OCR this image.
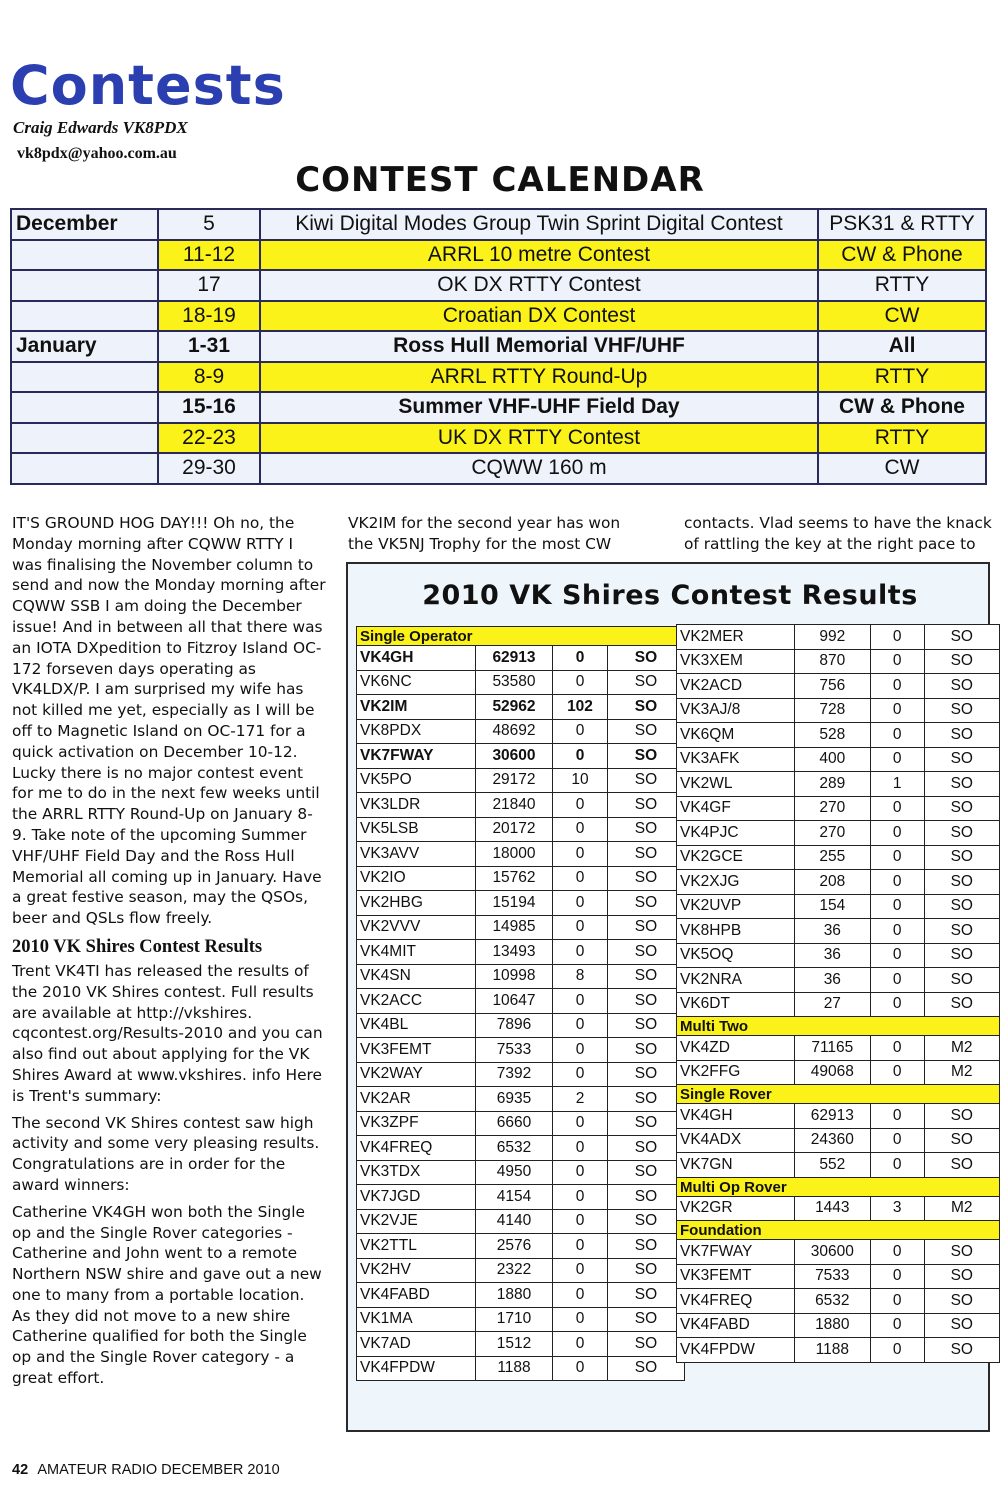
Contests
Craig Edwards VK8PDX
vk8pdx@yahoo.com.au
CONTEST CALENDAR
December	5	Kiwi Digital Modes Group Twin Sprint Digital Contest	PSK31 & RTTY
	11-12	ARRL 10 metre Contest	CW & Phone
	17	OK DX RTTY Contest	RTTY
	18-19	Croatian DX Contest	CW
January	1-31	Ross Hull Memorial VHF/UHF	All
	8-9	ARRL RTTY Round-Up	RTTY
	15-16	Summer VHF-UHF Field Day	CW & Phone
	22-23	UK DX RTTY Contest	RTTY
	29-30	CQWW 160 m	CW

IT'S GROUND HOG DAY!!! Oh no, the Monday morning after CQWW RTTY I was finalising the November column to send and now the Monday morning after CQWW SSB I am doing the December issue! And in between all that there was an IOTA DXpedition to Fitzroy Island OC-172 forseven days operating as VK4LDX/P. I am surprised my wife has not killed me yet, especially as I will be off to Magnetic Island on OC-171 for a quick activation on December 10-12. Lucky there is no major contest event for me to do in the next few weeks until the ARRL RTTY Round-Up on January 8-9. Take note of the upcoming Summer VHF/UHF Field Day and the Ross Hull Memorial all coming up in January. Have a great festive season, may the QSOs, beer and QSLs flow freely.

2010 VK Shires Contest Results

Trent VK4TI has released the results of the 2010 VK Shires contest. Full results are available at http://vkshires. cqcontest.org/Results-2010 and you can also find out about applying for the VK Shires Award at www.vkshires. info Here is Trent's summary:

The second VK Shires contest saw high activity and some very pleasing results. Congratulations are in order for the award winners:

Catherine VK4GH won both the Single op and the Single Rover categories - Catherine and John went to a remote Northern NSW shire and gave out a new one to many from a portable location. As they did not move to a new shire Catherine qualified for both the Single op and the Single Rover category - a great effort.

VK2IM for the second year has won the VK5NJ Trophy for the most CW

contacts. Vlad seems to have the knack of rattling the key at the right pace to

2010 VK Shires Contest Results
Single Operator			
VK4GH	62913	0	SO
VK6NC	53580	0	SO
VK2IM	52962	102	SO
VK8PDX	48692	0	SO
VK7FWAY	30600	0	SO
VK5PO	29172	10	SO
VK3LDR	21840	0	SO
VK5LSB	20172	0	SO
VK3AVV	18000	0	SO
VK2IO	15762	0	SO
VK2HBG	15194	0	SO
VK2VVV	14985	0	SO
VK4MIT	13493	0	SO
VK4SN	10998	8	SO
VK2ACC	10647	0	SO
VK4BL	7896	0	SO
VK3FEMT	7533	0	SO
VK2WAY	7392	0	SO
VK2AR	6935	2	SO
VK3ZPF	6660	0	SO
VK4FREQ	6532	0	SO
VK3TDX	4950	0	SO
VK7JGD	4154	0	SO
VK2VJE	4140	0	SO
VK2TTL	2576	0	SO
VK2HV	2322	0	SO
VK4FABD	1880	0	SO
VK1MA	1710	0	SO
VK7AD	1512	0	SO
VK4FPDW	1188	0	SO
VK2MER	992	0	SO
VK3XEM	870	0	SO
VK2ACD	756	0	SO
VK3AJ/8	728	0	SO
VK6QM	528	0	SO
VK3AFK	400	0	SO
VK2WL	289	1	SO
VK4GF	270	0	SO
VK4PJC	270	0	SO
VK2GCE	255	0	SO
VK2XJG	208	0	SO
VK2UVP	154	0	SO
VK8HPB	36	0	SO
VK5OQ	36	0	SO
VK2NRA	36	0	SO
VK6DT	27	0	SO
Multi Two			
VK4ZD	71165	0	M2
VK2FFG	49068	0	M2
Single Rover			
VK4GH	62913	0	SO
VK4ADX	24360	0	SO
VK7GN	552	0	SO
Multi Op Rover			
VK2GR	1443	3	M2
Foundation			
VK7FWAY	30600	0	SO
VK3FEMT	7533	0	SO
VK4FREQ	6532	0	SO
VK4FABD	1880	0	SO
VK4FPDW	1188	0	SO
42 AMATEUR RADIO DECEMBER 2010
